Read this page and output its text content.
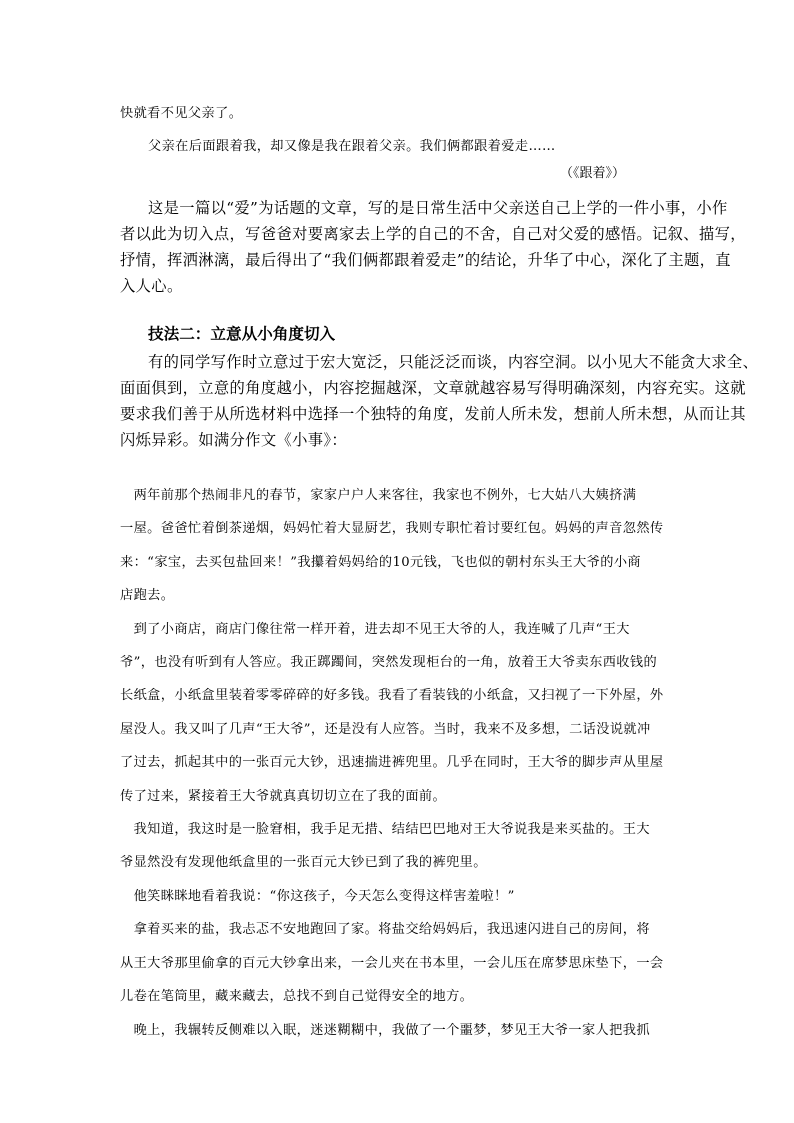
快就看不见父亲了。
父亲在后面跟着我，却又像是我在跟着父亲。我们俩都跟着爱走……
（《跟着》）
这是一篇以“爱”为话题的文章，写的是日常生活中父亲送自己上学的一件小事，小作
者以此为切入点，写爸爸对要离家去上学的自己的不舍，自己对父爱的感悟。记叙、描写，
抒情，挥洒淋漓，最后得出了“我们俩都跟着爱走”的结论，升华了中心，深化了主题，直
入人心。
技法二：立意从小角度切入
有的同学写作时立意过于宏大宽泛，只能泛泛而谈，内容空洞。以小见大不能贪大求全、
面面俱到，立意的角度越小，内容挖掘越深，文章就越容易写得明确深刻，内容充实。这就
要求我们善于从所选材料中选择一个独特的角度，发前人所未发，想前人所未想，从而让其
闪烁异彩。如满分作文《小事》：
　两年前那个热闹非凡的春节，家家户户人来客往，我家也不例外，七大姑八大姨挤满
一屋。爸爸忙着倒茶递烟，妈妈忙着大显厨艺，我则专职忙着讨要红包。妈妈的声音忽然传
来：“家宝，去买包盐回来！”我攥着妈妈给的10元钱，飞也似的朝村东头王大爷的小商
店跑去。
　到了小商店，商店门像往常一样开着，进去却不见王大爷的人，我连喊了几声“王大
爷”，也没有听到有人答应。我正踯躅间，突然发现柜台的一角，放着王大爷卖东西收钱的
长纸盒，小纸盒里装着零零碎碎的好多钱。我看了看装钱的小纸盒，又扫视了一下外屋，外
屋没人。我又叫了几声“王大爷”，还是没有人应答。当时，我来不及多想，二话没说就冲
了过去，抓起其中的一张百元大钞，迅速揣进裤兜里。几乎在同时，王大爷的脚步声从里屋
传了过来，紧接着王大爷就真真切切立在了我的面前。
　我知道，我这时是一脸窘相，我手足无措、结结巴巴地对王大爷说我是来买盐的。王大
爷显然没有发现他纸盒里的一张百元大钞已到了我的裤兜里。
　他笑眯眯地看着我说：“你这孩子，今天怎么变得这样害羞啦！”
　拿着买来的盐，我忐忑不安地跑回了家。将盐交给妈妈后，我迅速闪进自己的房间，将
从王大爷那里偷拿的百元大钞拿出来，一会儿夹在书本里，一会儿压在席梦思床垫下，一会
儿卷在笔筒里，藏来藏去，总找不到自己觉得安全的地方。
　晚上，我辗转反侧难以入眠，迷迷糊糊中，我做了一个噩梦，梦见王大爷一家人把我抓
